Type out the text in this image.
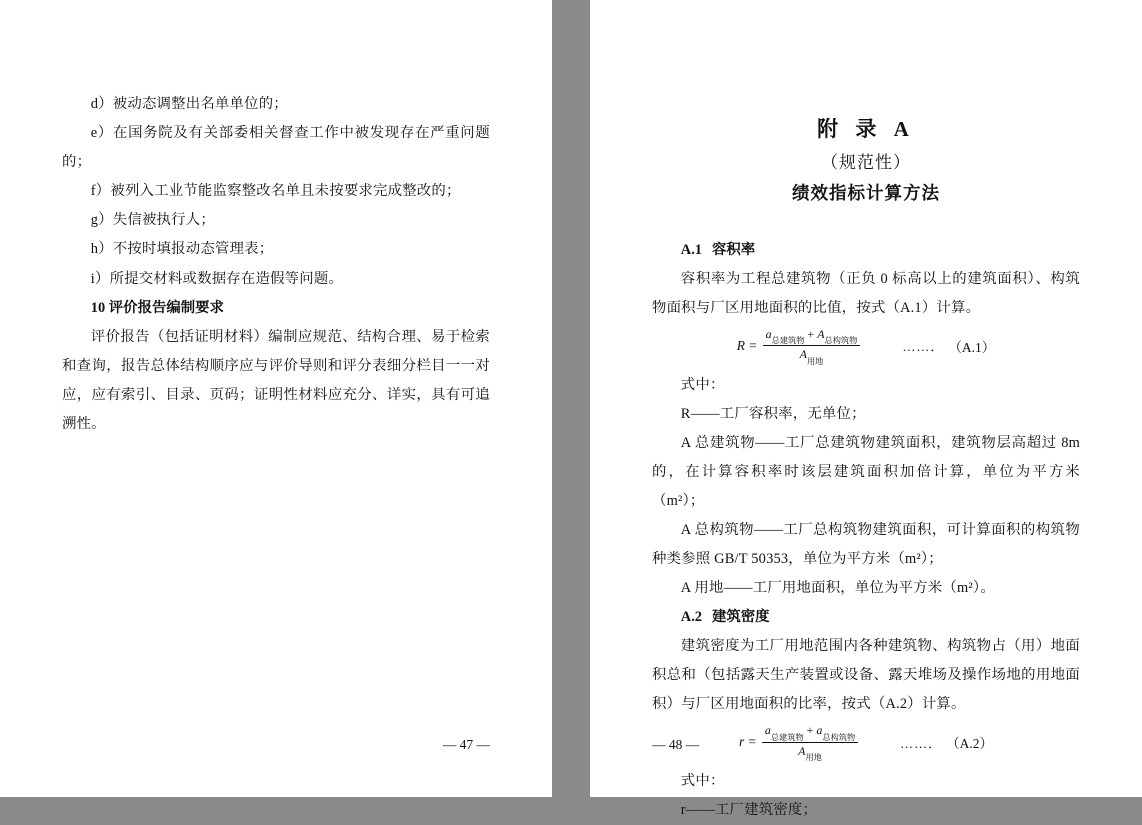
d）被动态调整出名单单位的；

e）在国务院及有关部委相关督查工作中被发现存在严重问题的；

f）被列入工业节能监察整改名单且未按要求完成整改的；

g）失信被执行人；

h）不按时填报动态管理表；

i）所提交材料或数据存在造假等问题。

10 评价报告编制要求

评价报告（包括证明材料）编制应规范、结构合理、易于检索和查询，报告总体结构顺序应与评价导则和评分表细分栏目一一对应，应有索引、目录、页码；证明性材料应充分、详实，具有可追溯性。

— 47 —
附 录 A
（规范性）
绩效指标计算方法

A.1 容积率

容积率为工程总建筑物（正负 0 标高以上的建筑面积）、构筑物面积与厂区用地面积的比值，按式（A.1）计算。

$R = \frac{a_{总建筑物} + A_{总构筑物}}{A_{用地}}$	……． （A.1）

式中：

R——工厂容积率，无单位；

A 总建筑物——工厂总建筑物建筑面积，建筑物层高超过 8m 的，在计算容积率时该层建筑面积加倍计算，单位为平方米（m²）；

A 总构筑物——工厂总构筑物建筑面积，可计算面积的构筑物种类参照 GB/T 50353，单位为平方米（m²）；

A 用地——工厂用地面积，单位为平方米（m²）。

A.2 建筑密度

建筑密度为工厂用地范围内各种建筑物、构筑物占（用）地面积总和（包括露天生产装置或设备、露天堆场及操作场地的用地面积）与厂区用地面积的比率，按式（A.2）计算。

$r = \frac{a_{总建筑物} + a_{总构筑物}}{A_{用地}}$	……． （A.2）

式中：

r——工厂建筑密度；

— 48 —
